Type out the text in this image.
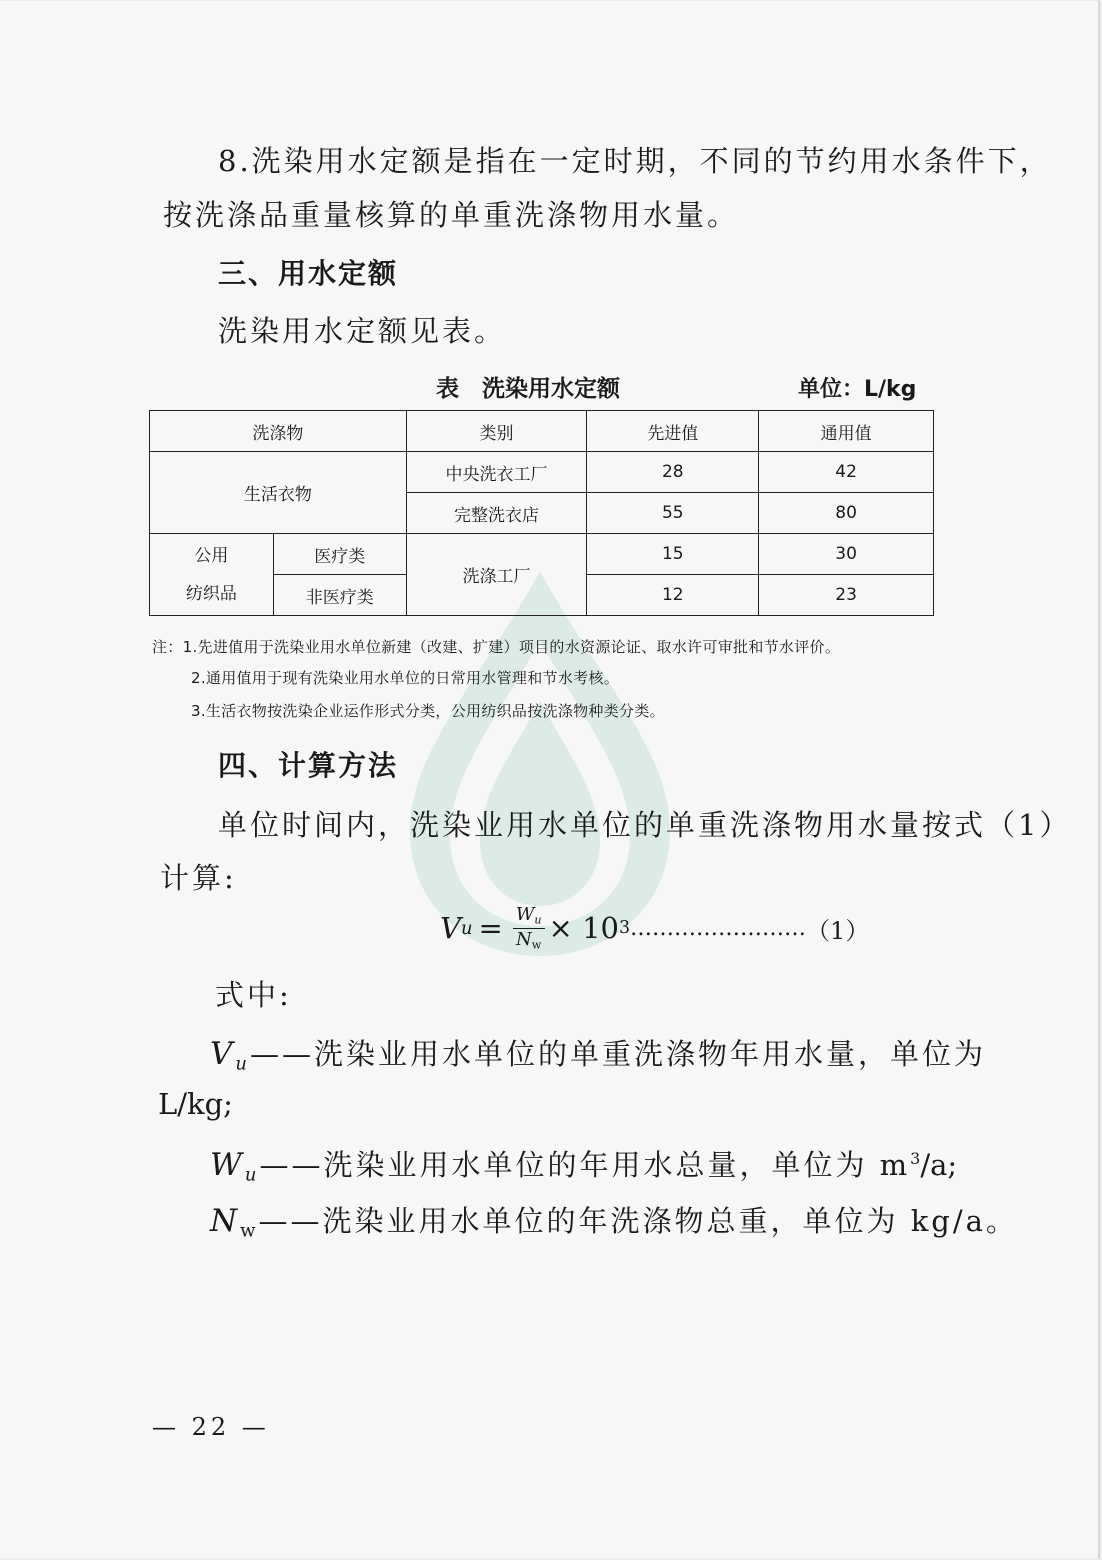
8.洗染用水定额是指在一定时期，不同的节约用水条件下，
按洗涤品重量核算的单重洗涤物用水量。
三、用水定额
洗染用水定额见表。
表　洗染用水定额	单位：L/kg
洗涤物		类别	先进值	通用值
生活衣物		中央洗衣工厂	28	42
		完整洗衣店	55	80

公用
纺织品	医疗类	洗涤工厂	15	30
	非医疗类		12	23
注：1.先进值用于洗染业用水单位新建（改建、扩建）项目的水资源论证、取水许可审批和节水评价。
2.通用值用于现有洗染业用水单位的日常用水管理和节水考核。
3.生活衣物按洗染企业运作形式分类，公用纺织品按洗涤物种类分类。
四、计算方法
单位时间内，洗染业用水单位的单重洗涤物用水量按式（1）
计算:
V $u = \frac{W_u}{N_w} \times 10$ 3 …………………… （1）
式中:
$V_u——$洗染业用水单位的单重洗涤物年用水量，单位为
L/kg;
$W_u——$洗染业用水单位的年用水总量，单位为 $m^3/a$;
$N_w——$洗染业用水单位的年洗涤物总重，单位为 kg/a。
— 22 —
